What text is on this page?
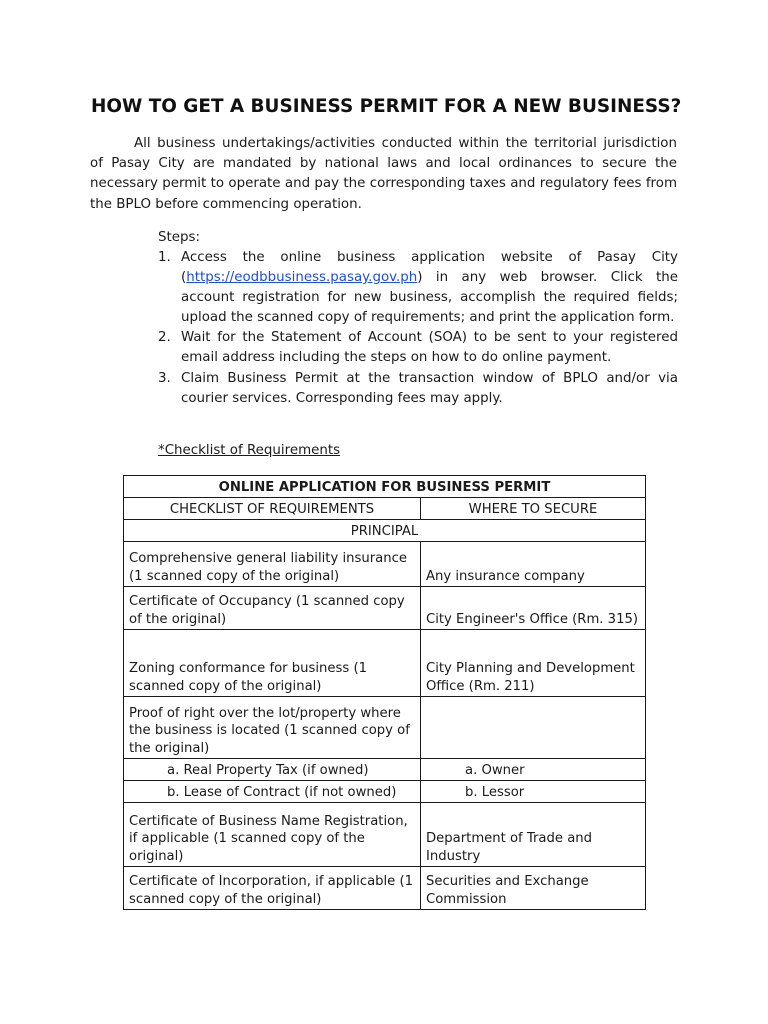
HOW TO GET A BUSINESS PERMIT FOR A NEW BUSINESS?

All business undertakings/activities conducted within the territorial jurisdiction of Pasay City are mandated by national laws and local ordinances to secure the necessary permit to operate and pay the corresponding taxes and regulatory fees from the BPLO before commencing operation.

Steps:
1. Access the online business application website of Pasay City (https://eodbbusiness.pasay.gov.ph) in any web browser. Click the account registration for new business, accomplish the required fields; upload the scanned copy of requirements; and print the application form.
2. Wait for the Statement of Account (SOA) to be sent to your registered email address including the steps on how to do online payment.
3. Claim Business Permit at the transaction window of BPLO and/or via courier services. Corresponding fees may apply.
*Checklist of Requirements
ONLINE APPLICATION FOR BUSINESS PERMIT	
CHECKLIST OF REQUIREMENTS	WHERE TO SECURE
PRINCIPAL	
Comprehensive general liability insurance (1 scanned copy of the original)	Any insurance company
Certificate of Occupancy (1 scanned copy of the original)	City Engineer's Office (Rm. 315)
Zoning conformance for business (1 scanned copy of the original)	City Planning and Development Office (Rm. 211)
Proof of right over the lot/property where the business is located (1 scanned copy of the original)	
a. Real Property Tax (if owned)	a. Owner
b. Lease of Contract (if not owned)	b. Lessor
Certificate of Business Name Registration, if applicable (1 scanned copy of the original)	Department of Trade and Industry
Certificate of Incorporation, if applicable (1 scanned copy of the original)	Securities and Exchange Commission
